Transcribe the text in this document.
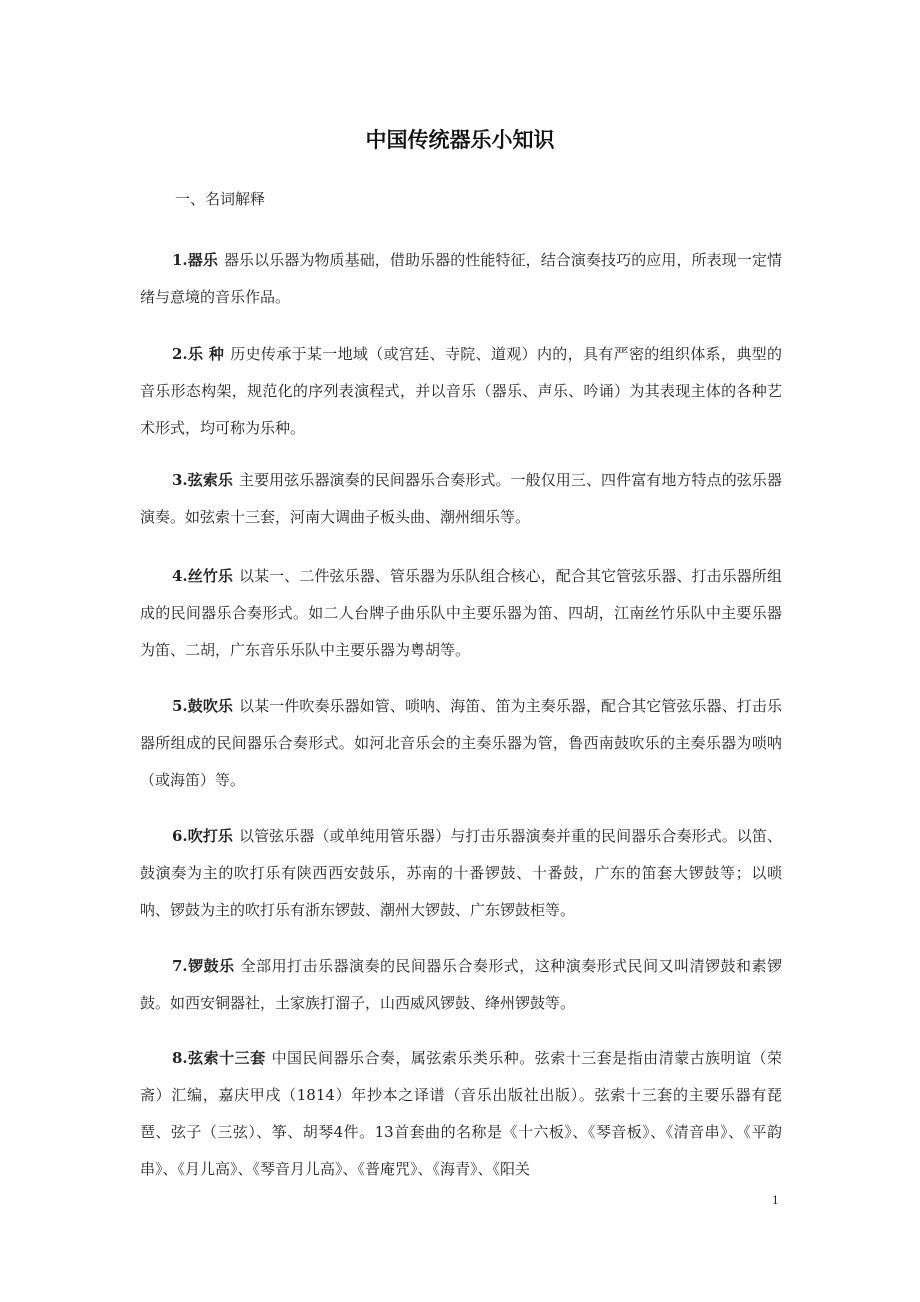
中国传统器乐小知识

一、名词解释

1.器乐 器乐以乐器为物质基础，借助乐器的性能特征，结合演奏技巧的应用，所表现一定情绪与意境的音乐作品。

2.乐 种 历史传承于某一地域（或宫廷、寺院、道观）内的，具有严密的组织体系，典型的音乐形态构架，规范化的序列表演程式，并以音乐（器乐、声乐、吟诵）为其表现主体的各种艺术形式，均可称为乐种。

3.弦索乐 主要用弦乐器演奏的民间器乐合奏形式。一般仅用三、四件富有地方特点的弦乐器演奏。如弦索十三套，河南大调曲子板头曲、潮州细乐等。

4.丝竹乐 以某一、二件弦乐器、管乐器为乐队组合核心，配合其它管弦乐器、打击乐器所组成的民间器乐合奏形式。如二人台牌子曲乐队中主要乐器为笛、四胡，江南丝竹乐队中主要乐器为笛、二胡，广东音乐乐队中主要乐器为粤胡等。

5.鼓吹乐 以某一件吹奏乐器如管、唢呐、海笛、笛为主奏乐器，配合其它管弦乐器、打击乐器所组成的民间器乐合奏形式。如河北音乐会的主奏乐器为管，鲁西南鼓吹乐的主奏乐器为唢呐（或海笛）等。

6.吹打乐 以管弦乐器（或单纯用管乐器）与打击乐器演奏并重的民间器乐合奏形式。以笛、鼓演奏为主的吹打乐有陕西西安鼓乐，苏南的十番锣鼓、十番鼓，广东的笛套大锣鼓等；以唢呐、锣鼓为主的吹打乐有浙东锣鼓、潮州大锣鼓、广东锣鼓柜等。

7.锣鼓乐 全部用打击乐器演奏的民间器乐合奏形式，这种演奏形式民间又叫清锣鼓和素锣鼓。如西安铜器社，土家族打溜子，山西威风锣鼓、绛州锣鼓等。

8.弦索十三套 中国民间器乐合奏，属弦索乐类乐种。弦索十三套是指由清蒙古族明谊（荣斋）汇编，嘉庆甲戌（1814）年抄本之译谱（音乐出版社出版）。弦索十三套的主要乐器有琵琶、弦子（三弦）、筝、胡琴4件。13首套曲的名称是《十六板》、《琴音板》、《清音串》、《平韵串》、《月儿高》、《琴音月儿高》、《普庵咒》、《海青》、《阳关

1
